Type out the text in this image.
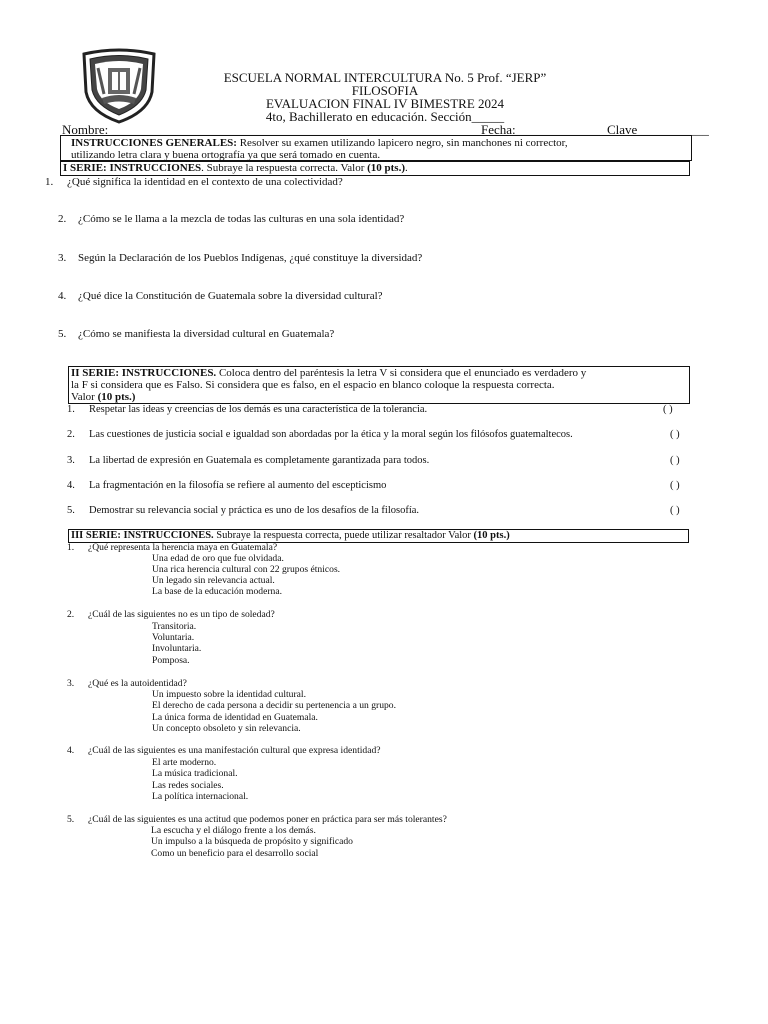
ESCUELA NORMAL INTERCULTURA No. 5 Prof. “JERP”
FILOSOFIA
EVALUACION FINAL IV BIMESTRE 2024
4to, Bachillerato en educación. Sección_____
Nombre: ____________________________________________________ Fecha:_____________ Clave___________
INSTRUCCIONES GENERALES: Resolver su examen utilizando lapicero negro, sin manchones ni corrector,
utilizando letra clara y buena ortografía ya que será tomado en cuenta.
I SERIE: INSTRUCCIONES. Subraye la respuesta correcta. Valor (10 pts.).
1. ¿Qué significa la identidad en el contexto de una colectividad?
2. ¿Cómo se le llama a la mezcla de todas las culturas en una sola identidad?
3. Según la Declaración de los Pueblos Indígenas, ¿qué constituye la diversidad?
4. ¿Qué dice la Constitución de Guatemala sobre la diversidad cultural?
5. ¿Cómo se manifiesta la diversidad cultural en Guatemala?
II SERIE: INSTRUCCIONES. Coloca dentro del paréntesis la letra V si considera que el enunciado es verdadero y
la F si considera que es Falso. Si considera que es falso, en el espacio en blanco coloque la respuesta correcta.
Valor (10 pts.)
1. Respetar las ideas y creencias de los demás es una característica de la tolerancia.	( )
2. Las cuestiones de justicia social e igualdad son abordadas por la ética y la moral según los filósofos guatemaltecos.	( )
3. La libertad de expresión en Guatemala es completamente garantizada para todos.	( )
4. La fragmentación en la filosofía se refiere al aumento del escepticismo	( )
5. Demostrar su relevancia social y práctica es uno de los desafíos de la filosofía.	( )
III SERIE: INSTRUCCIONES. Subraye la respuesta correcta, puede utilizar resaltador Valor (10 pts.)
1. ¿Qué representa la herencia maya en Guatemala?
Una edad de oro que fue olvidada.
Una rica herencia cultural con 22 grupos étnicos.
Un legado sin relevancia actual.
La base de la educación moderna.
2. ¿Cuál de las siguientes no es un tipo de soledad?
Transitoria.
Voluntaria.
Involuntaria.
Pomposa.
3. ¿Qué es la autoidentidad?
Un impuesto sobre la identidad cultural.
El derecho de cada persona a decidir su pertenencia a un grupo.
La única forma de identidad en Guatemala.
Un concepto obsoleto y sin relevancia.
4. ¿Cuál de las siguientes es una manifestación cultural que expresa identidad?
El arte moderno.
La música tradicional.
Las redes sociales.
La política internacional.
5. ¿Cuál de las siguientes es una actitud que podemos poner en práctica para ser más tolerantes?
La escucha y el diálogo frente a los demás.
Un impulso a la búsqueda de propósito y significado
Como un beneficio para el desarrollo social
